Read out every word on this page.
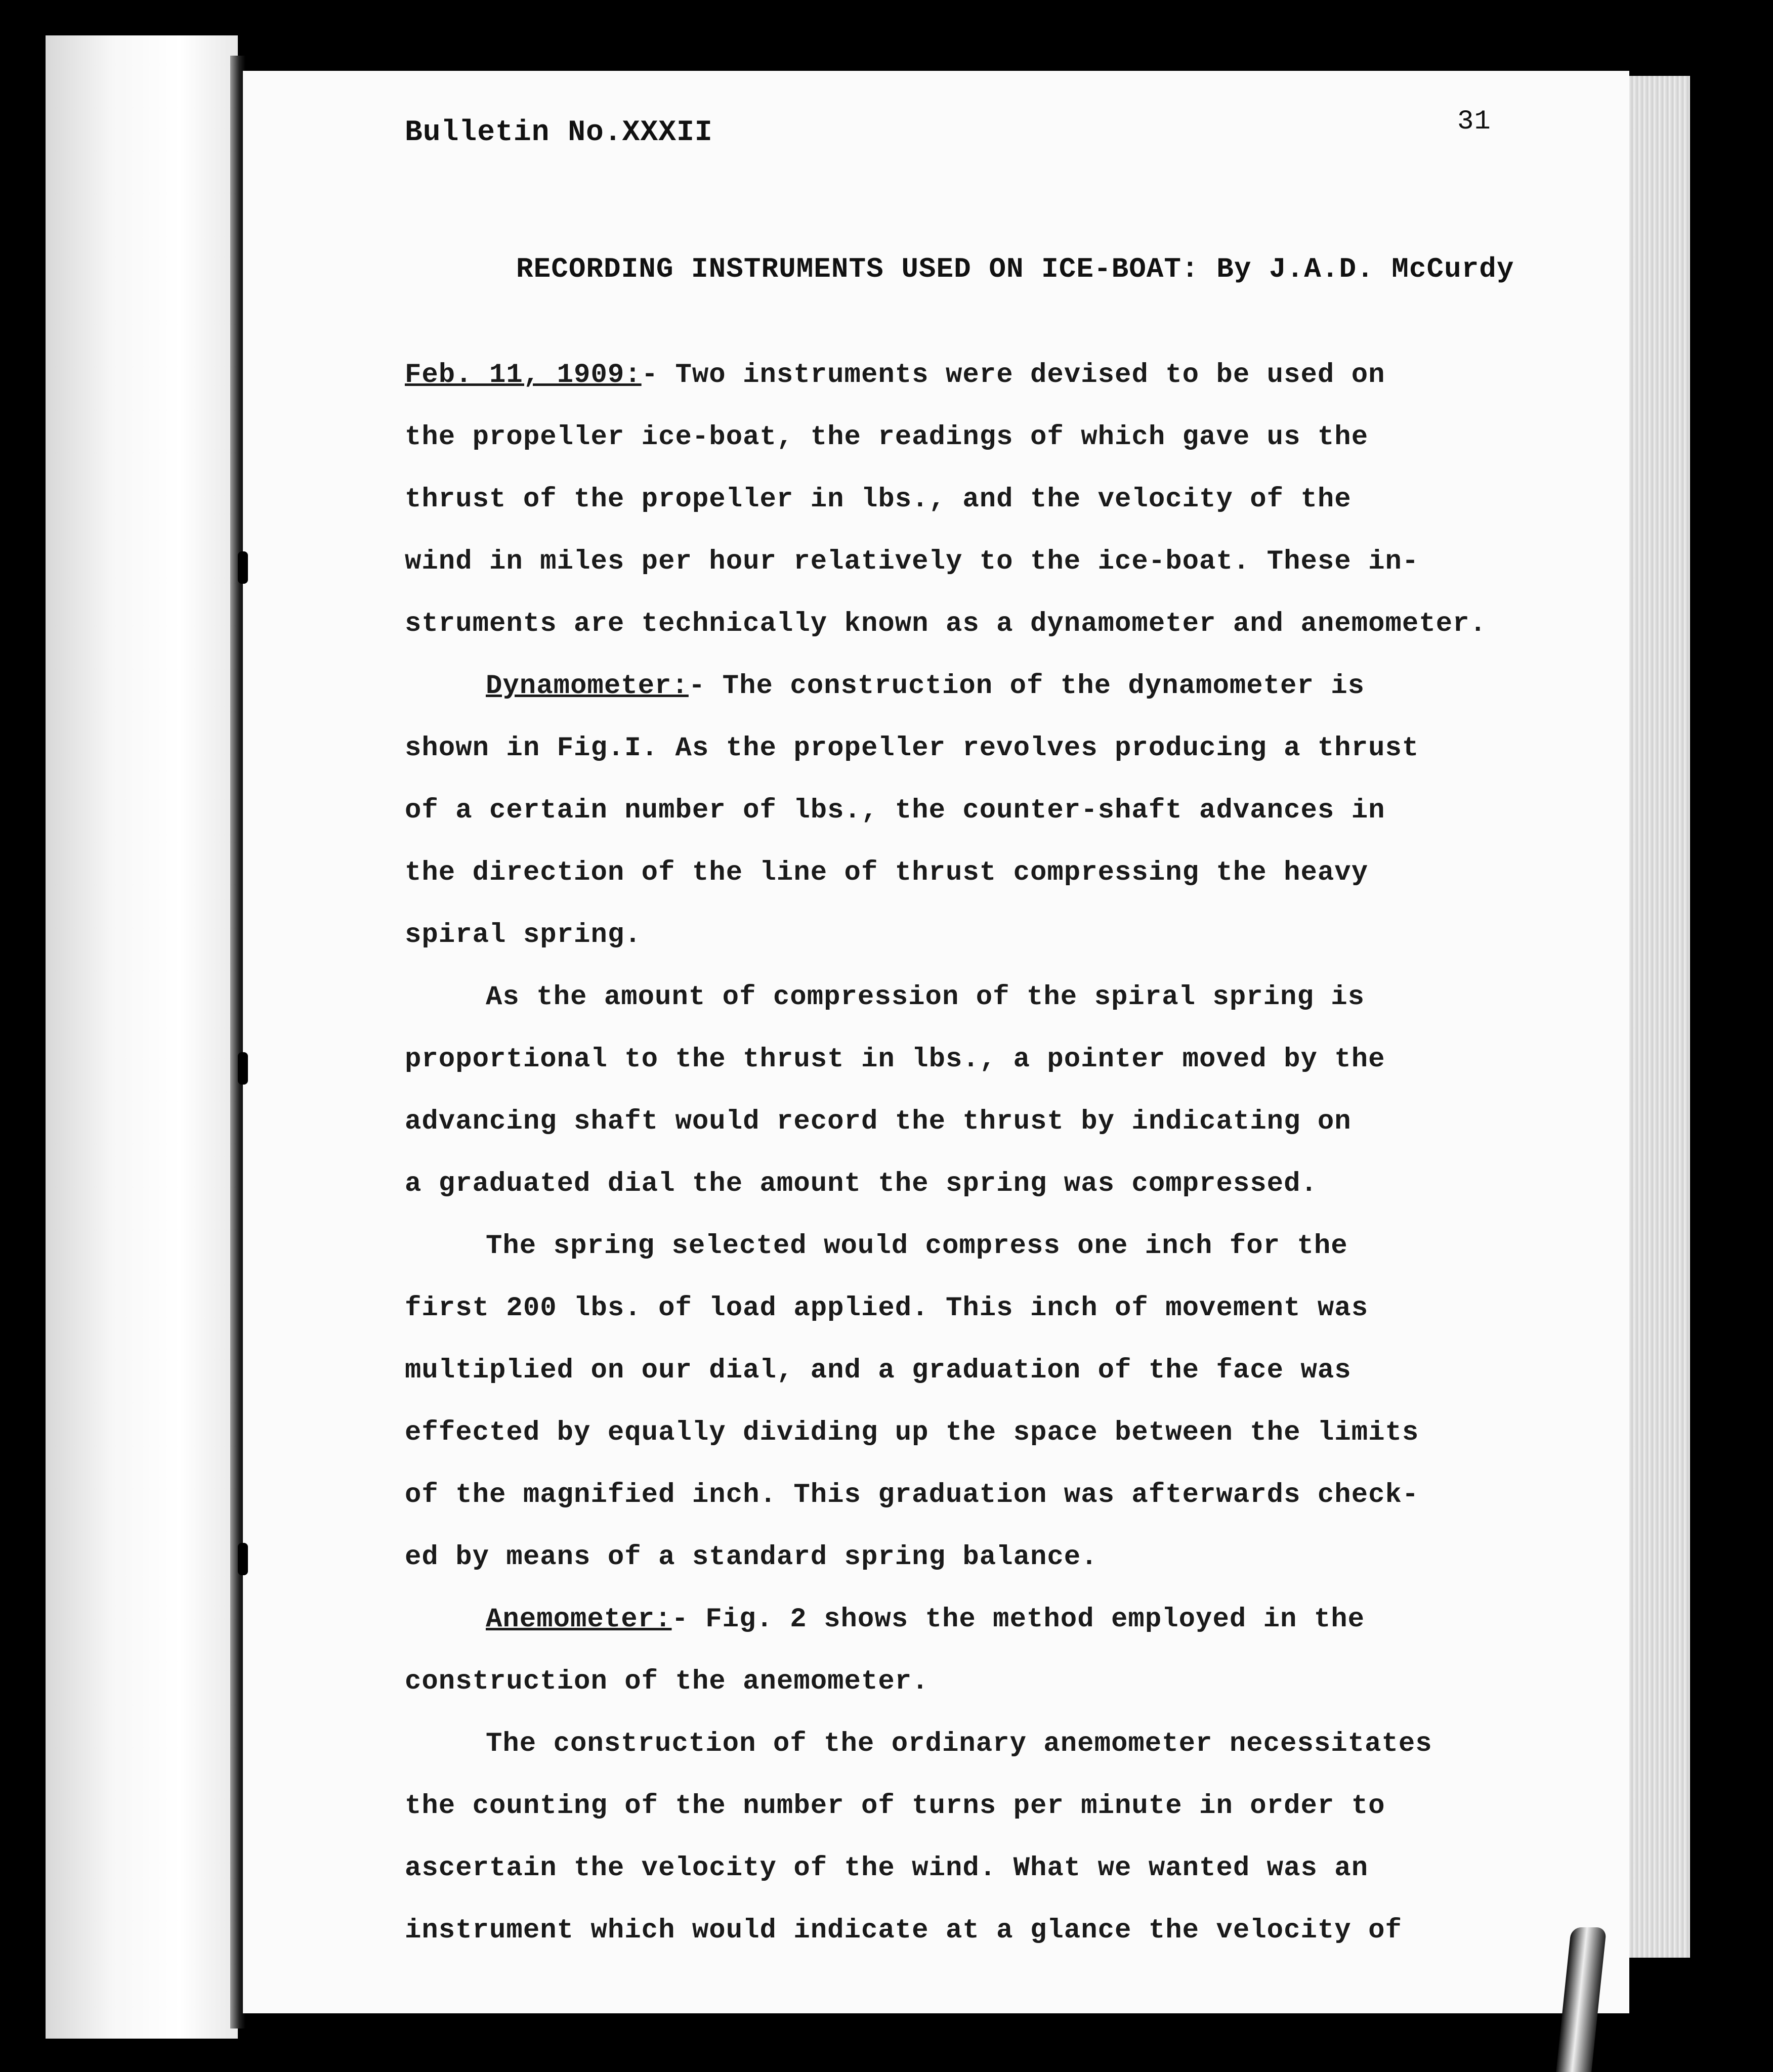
Bulletin No.XXXII	31
RECORDING INSTRUMENTS USED ON ICE-BOAT: By J.A.D. McCurdy
Feb. 11, 1909:- Two instruments were devised to be used on
the propeller ice-boat, the readings of which gave us the
thrust of the propeller in lbs., and the velocity of the
wind in miles per hour relatively to the ice-boat. These in-
struments are technically known as a dynamometer and anemometer.
Dynamometer:- The construction of the dynamometer is
shown in Fig.I. As the propeller revolves producing a thrust
of a certain number of lbs., the counter-shaft advances in
the direction of the line of thrust compressing the heavy
spiral spring.
As the amount of compression of the spiral spring is
proportional to the thrust in lbs., a pointer moved by the
advancing shaft would record the thrust by indicating on
a graduated dial the amount the spring was compressed.
The spring selected would compress one inch for the
first 200 lbs. of load applied. This inch of movement was
multiplied on our dial, and a graduation of the face was
effected by equally dividing up the space between the limits
of the magnified inch. This graduation was afterwards check-
ed by means of a standard spring balance.
Anemometer:- Fig. 2 shows the method employed in the
construction of the anemometer.
The construction of the ordinary anemometer necessitates
the counting of the number of turns per minute in order to
ascertain the velocity of the wind. What we wanted was an
instrument which would indicate at a glance the velocity of
